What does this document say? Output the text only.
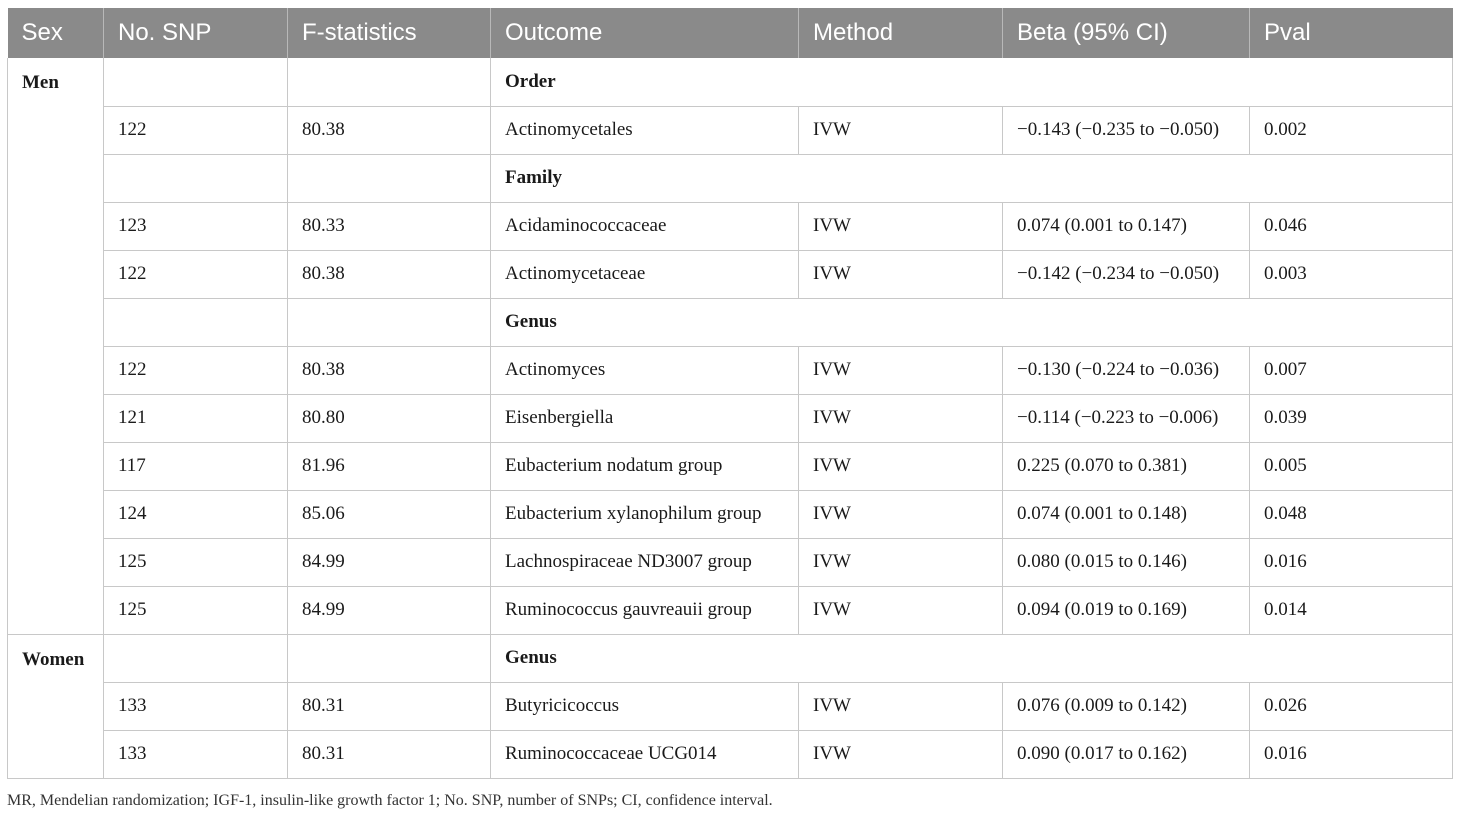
Sex	No. SNP	F-statistics	Outcome	Method	Beta (95% CI)	Pval
Men			Order			
	122	80.38	Actinomycetales	IVW	−0.143 (−0.235 to −0.050)	0.002
			Family			
	123	80.33	Acidaminococcaceae	IVW	0.074 (0.001 to 0.147)	0.046
	122	80.38	Actinomycetaceae	IVW	−0.142 (−0.234 to −0.050)	0.003
			Genus			
	122	80.38	Actinomyces	IVW	−0.130 (−0.224 to −0.036)	0.007
	121	80.80	Eisenbergiella	IVW	−0.114 (−0.223 to −0.006)	0.039
	117	81.96	Eubacterium nodatum group	IVW	0.225 (0.070 to 0.381)	0.005
	124	85.06	Eubacterium xylanophilum group	IVW	0.074 (0.001 to 0.148)	0.048
	125	84.99	Lachnospiraceae ND3007 group	IVW	0.080 (0.015 to 0.146)	0.016
	125	84.99	Ruminococcus gauvreauii group	IVW	0.094 (0.019 to 0.169)	0.014
Women			Genus			
	133	80.31	Butyricicoccus	IVW	0.076 (0.009 to 0.142)	0.026
	133	80.31	Ruminococcaceae UCG014	IVW	0.090 (0.017 to 0.162)	0.016
MR, Mendelian randomization; IGF-1, insulin-like growth factor 1; No. SNP, number of SNPs; CI, confidence interval.
